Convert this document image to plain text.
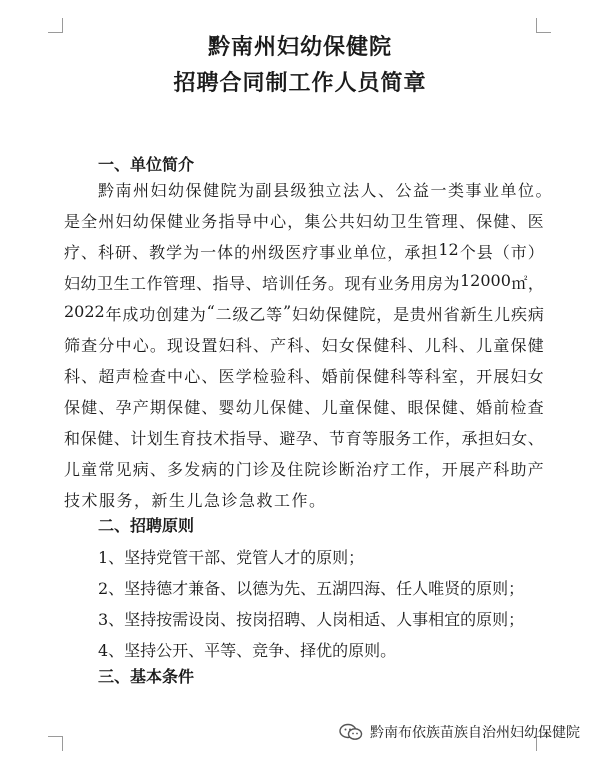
黔南州妇幼保健院
招聘合同制工作人员简章
一、单位简介
黔南州妇幼保健院为副县级独立法人、公益一类事业单位。
是 全 州 妇 幼 保 健 业 务 指 导 中 心 ， 集 公 共 妇 幼 卫 生 管 理 、 保 健 、 医
疗 、 科 研 、 教 学 为 一 体 的 州 级 医 疗 事 业 单 位 ， 承 担 12 个 县 （ 市 ）
妇 幼 卫 生 工 作 管 理 、 指 导 、 培 训 任 务 。 现 有 业 务 用 房 为 12000 ㎡ ，
2022 年 成 功 创 建 为 “ 二 级 乙 等 ” 妇 幼 保 健 院 ， 是 贵 州 省 新 生 儿 疾 病
筛 查 分 中 心 。 现 设 置 妇 科 、 产 科 、 妇 女 保 健 科 、 儿 科 、 儿 童 保 健
科 、 超 声 检 查 中 心 、 医 学 检 验 科 、 婚 前 保 健 科 等 科 室 ， 开 展 妇 女
保 健 、 孕 产 期 保 健 、 婴 幼 儿 保 健 、 儿 童 保 健 、 眼 保 健 、 婚 前 检 查
和 保 健 、 计 划 生 育 技 术 指 导 、 避 孕 、 节 育 等 服 务 工 作 ， 承 担 妇 女 、
儿 童 常 见 病 、 多 发 病 的 门 诊 及 住 院 诊 断 治 疗 工 作 ， 开 展 产 科 助 产
技术服务，新生儿急诊急救工作。
二、招聘原则
1、坚持党管干部、党管人才的原则；
2、坚持德才兼备、以德为先、五湖四海、任人唯贤的原则；
3、坚持按需设岗、按岗招聘、人岗相适、人事相宜的原则；
4、坚持公开、平等、竞争、择优的原则。
三、基本条件
黔南布依族苗族自治州妇幼保健院
